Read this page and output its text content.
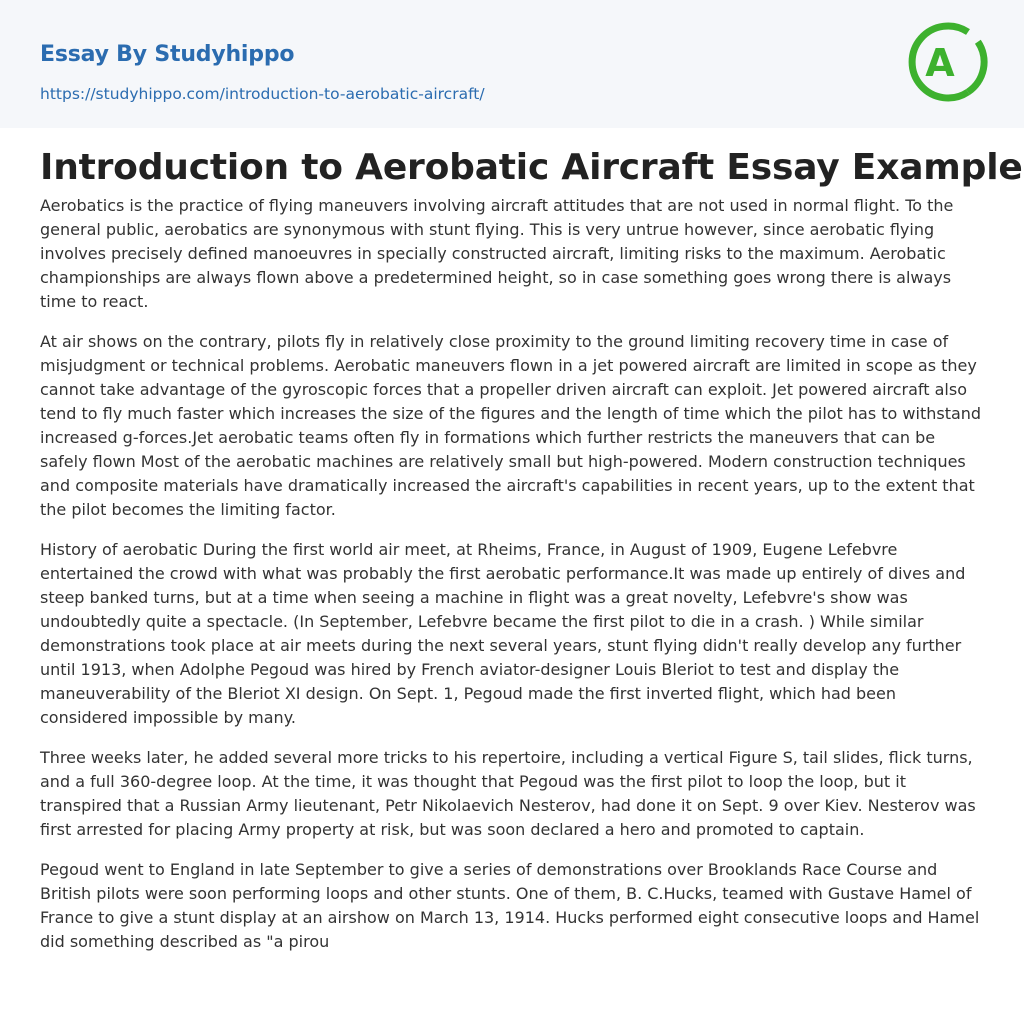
Essay By Studyhippo
https://studyhippo.com/introduction-to-aerobatic-aircraft/
A
Introduction to Aerobatic Aircraft Essay Example

Aerobatics is the practice of flying maneuvers involving aircraft attitudes that are not used in normal flight. To the general public, aerobatics are synonymous with stunt flying. This is very untrue however, since aerobatic flying involves precisely defined manoeuvres in specially constructed aircraft, limiting risks to the maximum. Aerobatic championships are always flown above a predetermined height, so in case something goes wrong there is always time to react.

At air shows on the contrary, pilots fly in relatively close proximity to the ground limiting recovery time in case of misjudgment or technical problems. Aerobatic maneuvers flown in a jet powered aircraft are limited in scope as they cannot take advantage of the gyroscopic forces that a propeller driven aircraft can exploit. Jet powered aircraft also tend to fly much faster which increases the size of the figures and the length of time which the pilot has to withstand increased g-forces.Jet aerobatic teams often fly in formations which further restricts the maneuvers that can be safely flown Most of the aerobatic machines are relatively small but high-powered. Modern construction techniques and composite materials have dramatically increased the aircraft's capabilities in recent years, up to the extent that the pilot becomes the limiting factor.

History of aerobatic During the first world air meet, at Rheims, France, in August of 1909, Eugene Lefebvre entertained the crowd with what was probably the first aerobatic performance.It was made up entirely of dives and steep banked turns, but at a time when seeing a machine in flight was a great novelty, Lefebvre's show was undoubtedly quite a spectacle. (In September, Lefebvre became the first pilot to die in a crash. ) While similar demonstrations took place at air meets during the next several years, stunt flying didn't really develop any further until 1913, when Adolphe Pegoud was hired by French aviator-designer Louis Bleriot to test and display the maneuverability of the Bleriot XI design. On Sept. 1, Pegoud made the first inverted flight, which had been considered impossible by many.

Three weeks later, he added several more tricks to his repertoire, including a vertical Figure S, tail slides, flick turns, and a full 360-degree loop. At the time, it was thought that Pegoud was the first pilot to loop the loop, but it transpired that a Russian Army lieutenant, Petr Nikolaevich Nesterov, had done it on Sept. 9 over Kiev. Nesterov was first arrested for placing Army property at risk, but was soon declared a hero and promoted to captain.

Pegoud went to England in late September to give a series of demonstrations over Brooklands Race Course and British pilots were soon performing loops and other stunts. One of them, B. C.Hucks, teamed with Gustave Hamel of France to give a stunt display at an airshow on March 13, 1914. Hucks performed eight consecutive loops and Hamel did something described as "a pirou
